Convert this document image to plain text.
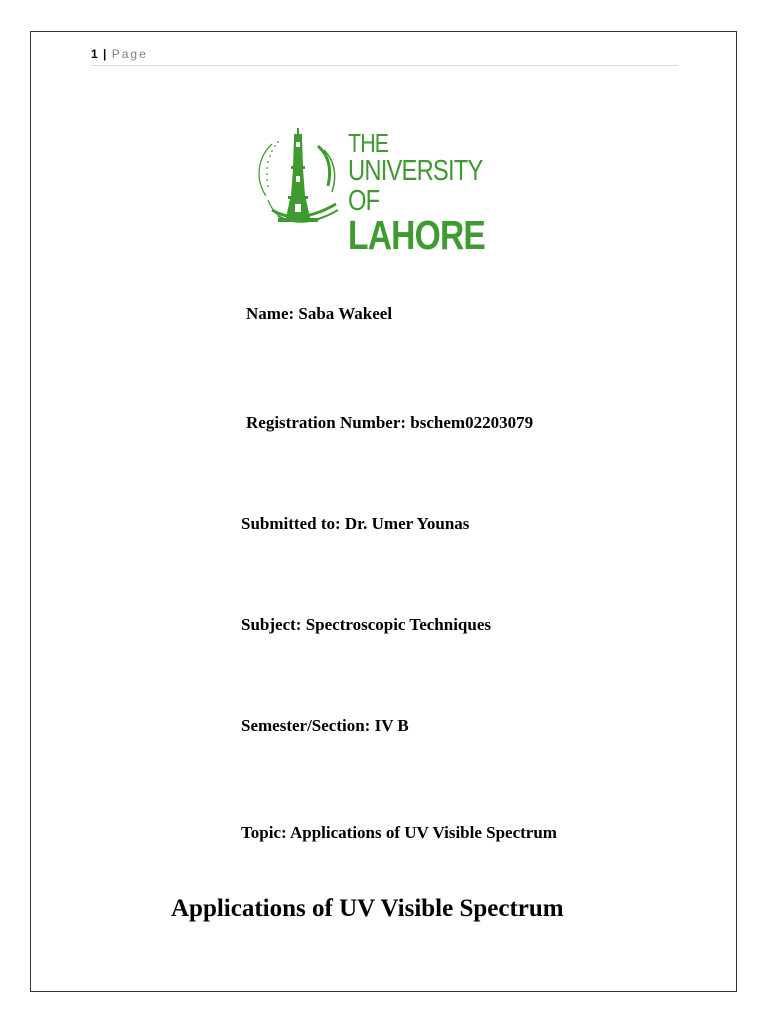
1 | Page
THE
UNIVERSITY OF
LAHORE
Name: Saba Wakeel
Registration Number: bschem02203079
Submitted to: Dr. Umer Younas
Subject: Spectroscopic Techniques
Semester/Section: IV B
Topic: Applications of UV Visible Spectrum
Applications of UV Visible Spectrum
